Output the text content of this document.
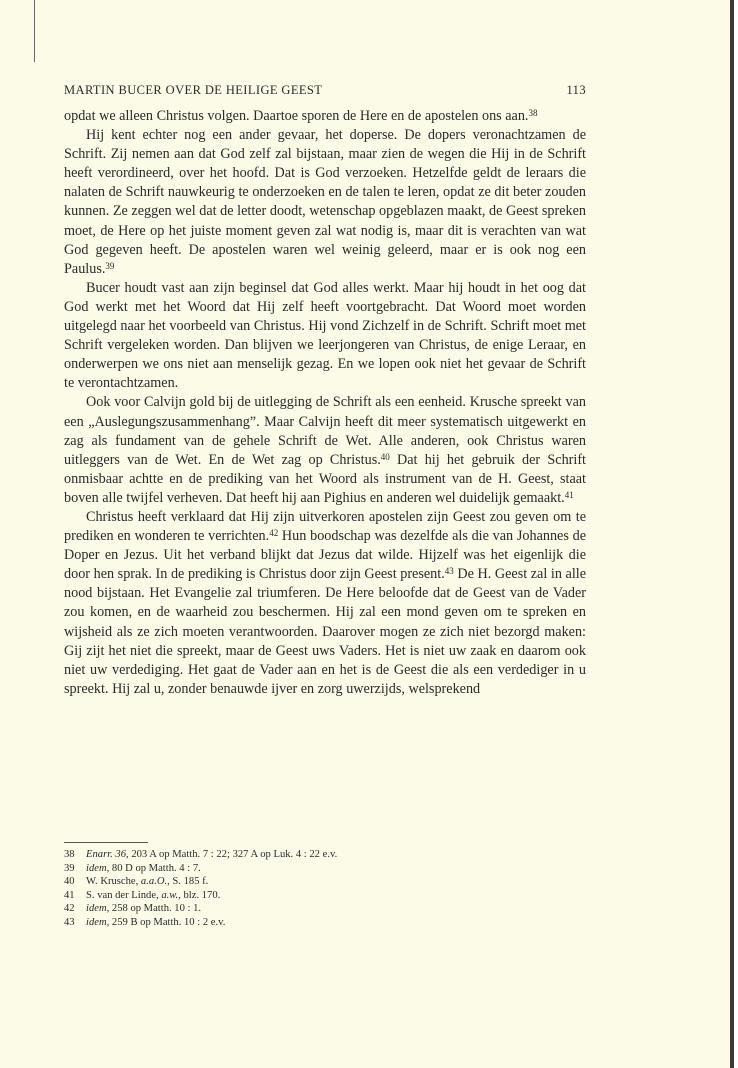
MARTIN BUCER OVER DE HEILIGE GEEST	113

opdat we alleen Christus volgen. Daartoe sporen de Here en de apostelen ons aan.$^{38}$

Hij kent echter nog een ander gevaar, het doperse. De dopers veronachtzamen de Schrift. Zij nemen aan dat God zelf zal bijstaan, maar zien de wegen die Hij in de Schrift heeft verordineerd, over het hoofd. Dat is God verzoeken. Hetzelfde geldt de leraars die nalaten de Schrift nauwkeurig te onderzoeken en de talen te leren, opdat ze dit beter zouden kunnen. Ze zeggen wel dat de letter doodt, wetenschap opgeblazen maakt, de Geest spreken moet, de Here op het juiste moment geven zal wat nodig is, maar dit is verachten van wat God gegeven heeft. De apostelen waren wel weinig geleerd, maar er is ook nog een Paulus.$^{39}$

Bucer houdt vast aan zijn beginsel dat God alles werkt. Maar hij houdt in het oog dat God werkt met het Woord dat Hij zelf heeft voortgebracht. Dat Woord moet worden uitgelegd naar het voorbeeld van Christus. Hij vond Zichzelf in de Schrift. Schrift moet met Schrift vergeleken worden. Dan blijven we leerjongeren van Christus, de enige Leraar, en onderwerpen we ons niet aan menselijk gezag. En we lopen ook niet het gevaar de Schrift te verontachtzamen.

Ook voor Calvijn gold bij de uitlegging de Schrift als een eenheid. Krusche spreekt van een „Auslegungszusammenhang”. Maar Calvijn heeft dit meer systematisch uitgewerkt en zag als fundament van de gehele Schrift de Wet. Alle anderen, ook Christus waren uitleggers van de Wet. En de Wet zag op Christus.$^{40}$ Dat hij het gebruik der Schrift onmisbaar achtte en de prediking van het Woord als instrument van de H. Geest, staat boven alle twijfel verheven. Dat heeft hij aan Pighius en anderen wel duidelijk gemaakt.$^{41}$

Christus heeft verklaard dat Hij zijn uitverkoren apostelen zijn Geest zou geven om te prediken en wonderen te verrichten.$^{42}$ Hun boodschap was dezelfde als die van Johannes de Doper en Jezus. Uit het verband blijkt dat Jezus dat wilde. Hijzelf was het eigenlijk die door hen sprak. In de prediking is Christus door zijn Geest present.$^{43}$ De H. Geest zal in alle nood bijstaan. Het Evangelie zal triumferen. De Here beloofde dat de Geest van de Vader zou komen, en de waarheid zou beschermen. Hij zal een mond geven om te spreken en wijsheid als ze zich moeten verantwoorden. Daarover mogen ze zich niet bezorgd maken: Gij zijt het niet die spreekt, maar de Geest uws Vaders. Het is niet uw zaak en daarom ook niet uw verdediging. Het gaat de Vader aan en het is de Geest die als een verdediger in u spreekt. Hij zal u, zonder benauwde ijver en zorg uwerzijds, welsprekend

38	Enarr. 36, 203 A op Matth. 7 : 22; 327 A op Luk. 4 : 22 e.v.
39	idem, 80 D op Matth. 4 : 7.
40	W. Krusche, a.a.O., S. 185 f.
41	S. van der Linde, a.w., blz. 170.
42	idem, 258 op Matth. 10 : 1.
43	idem, 259 B op Matth. 10 : 2 e.v.
